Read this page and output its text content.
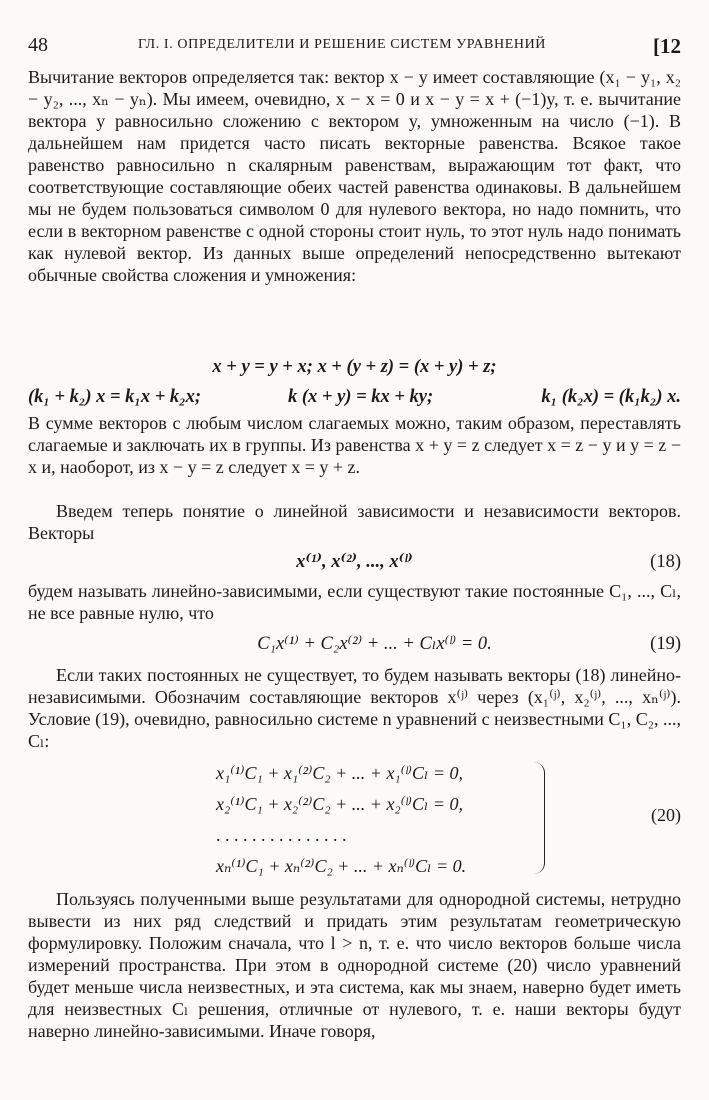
48	ГЛ. I. ОПРЕДЕЛИТЕЛИ И РЕШЕНИЕ СИСТЕМ УРАВНЕНИЙ	[12

Вычитание векторов определяется так: вектор x − y имеет составляющие (x₁ − y₁, x₂ − y₂, ..., xₙ − yₙ). Мы имеем, очевидно, x − x = 0 и x − y = x + (−1)y, т. е. вычитание вектора y равносильно сложению с вектором y, умноженным на число (−1). В дальнейшем нам придется часто писать векторные равенства. Всякое такое равенство равносильно n скалярным равенствам, выражающим тот факт, что соответствующие составляющие обеих частей равенства одинаковы. В дальнейшем мы не будем пользоваться символом 0 для нулевого вектора, но надо помнить, что если в векторном равенстве с одной стороны стоит нуль, то этот нуль надо понимать как нулевой вектор. Из данных выше определений непосредственно вытекают обычные свойства сложения и умножения:

x + y = y + x; x + (y + z) = (x + y) + z;
(k₁ + k₂) x = k₁x + k₂x;	k (x + y) = kx + ky;	k₁ (k₂x) = (k₁k₂) x.

В сумме векторов с любым числом слагаемых можно, таким образом, переставлять слагаемые и заключать их в группы. Из равенства x + y = z следует x = z − y и y = z − x и, наоборот, из x − y = z следует x = y + z.

Введем теперь понятие о линейной зависимости и независимости векторов. Векторы

x⁽¹⁾, x⁽²⁾, ..., x⁽ˡ⁾	(18)

будем называть линейно-зависимыми, если существуют такие постоянные C₁, ..., Cₗ, не все равные нулю, что

C₁x⁽¹⁾ + C₂x⁽²⁾ + ... + Cₗx⁽ˡ⁾ = 0.	(19)

Если таких постоянных не существует, то будем называть векторы (18) линейно-независимыми. Обозначим составляющие векторов x⁽ʲ⁾ через (x₁⁽ʲ⁾, x₂⁽ʲ⁾, ..., xₙ⁽ʲ⁾). Условие (19), очевидно, равносильно системе n уравнений с неизвестными C₁, C₂, ..., Cₗ:

x₁⁽¹⁾C₁ + x₁⁽²⁾C₂ + ... + x₁⁽ˡ⁾Cₗ = 0,
x₂⁽¹⁾C₁ + x₂⁽²⁾C₂ + ... + x₂⁽ˡ⁾Cₗ = 0,
. . . . . . . . . . . . . . .
xₙ⁽¹⁾C₁ + xₙ⁽²⁾C₂ + ... + xₙ⁽ˡ⁾Cₗ = 0.
(20)

Пользуясь полученными выше результатами для однородной системы, нетрудно вывести из них ряд следствий и придать этим результатам геометрическую формулировку. Положим сначала, что l > n, т. е. что число векторов больше числа измерений пространства. При этом в однородной системе (20) число уравнений будет меньше числа неизвестных, и эта система, как мы знаем, наверно будет иметь для неизвестных Cₗ решения, отличные от нулевого, т. е. наши векторы будут наверно линейно-зависимыми. Иначе говоря,
